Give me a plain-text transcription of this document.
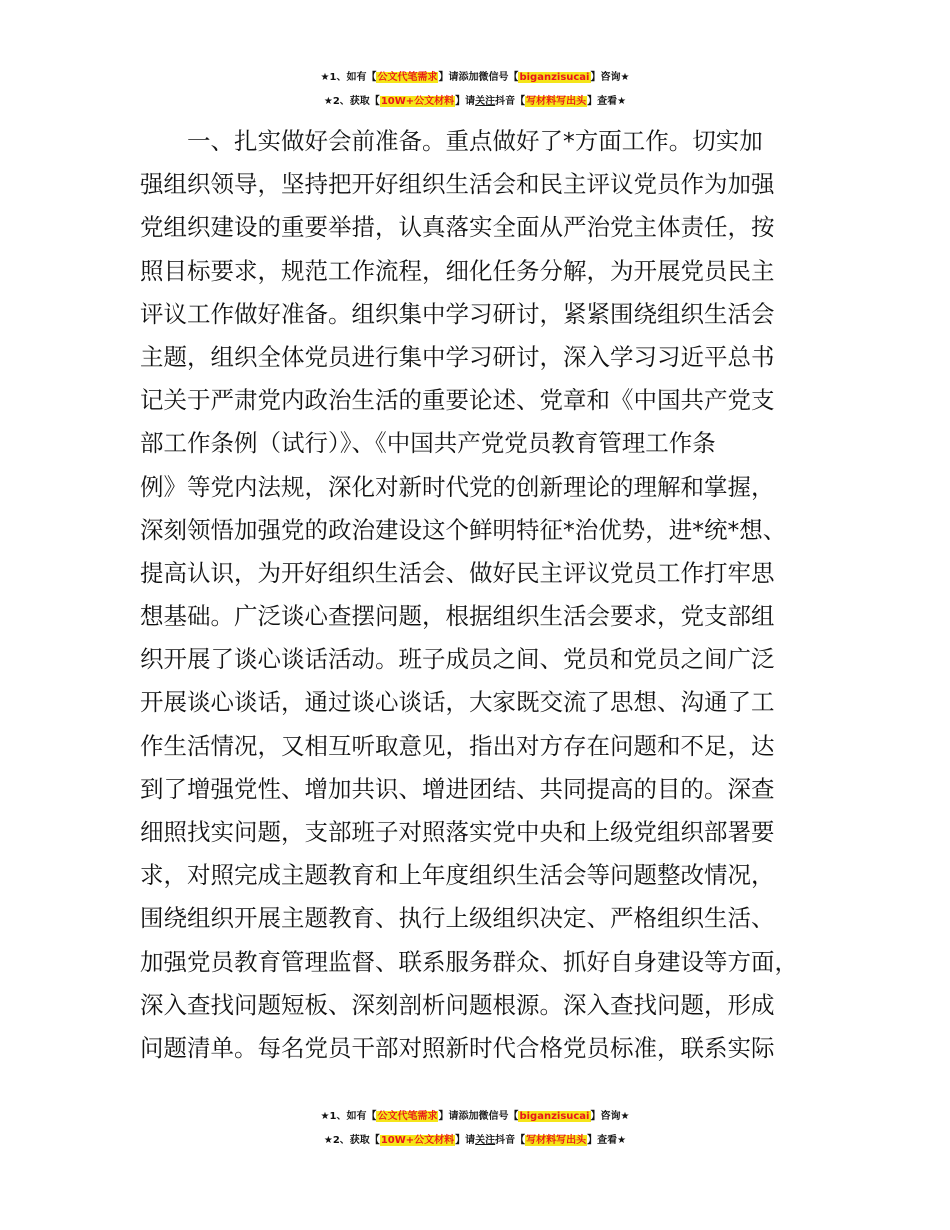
★1、如有【公文代笔需求】请添加微信号【biganzisucai】咨询★
★2、获取【10W+公文材料】请关注抖音【写材料写出头】查看★
一、扎实做好会前准备。重点做好了*方面工作。切实加
强组织领导，坚持把开好组织生活会和民主评议党员作为加强
党组织建设的重要举措，认真落实全面从严治党主体责任，按
照目标要求，规范工作流程，细化任务分解，为开展党员民主
评议工作做好准备。组织集中学习研讨，紧紧围绕组织生活会
主题，组织全体党员进行集中学习研讨，深入学习习近平总书
记关于严肃党内政治生活的重要论述、党章和《中国共产党支
部工作条例（试行）》、《中国共产党党员教育管理工作条
例》等党内法规，深化对新时代党的创新理论的理解和掌握，
深刻领悟加强党的政治建设这个鲜明特征*治优势，进*统*想、
提高认识，为开好组织生活会、做好民主评议党员工作打牢思
想基础。广泛谈心查摆问题，根据组织生活会要求，党支部组
织开展了谈心谈话活动。班子成员之间、党员和党员之间广泛
开展谈心谈话，通过谈心谈话，大家既交流了思想、沟通了工
作生活情况，又相互听取意见，指出对方存在问题和不足，达
到了增强党性、增加共识、增进团结、共同提高的目的。深查
细照找实问题，支部班子对照落实党中央和上级党组织部署要
求，对照完成主题教育和上年度组织生活会等问题整改情况，
围绕组织开展主题教育、执行上级组织决定、严格组织生活、
加强党员教育管理监督、联系服务群众、抓好自身建设等方面，
深入查找问题短板、深刻剖析问题根源。深入查找问题，形成
问题清单。每名党员干部对照新时代合格党员标准，联系实际
★1、如有【公文代笔需求】请添加微信号【biganzisucai】咨询★
★2、获取【10W+公文材料】请关注抖音【写材料写出头】查看★
